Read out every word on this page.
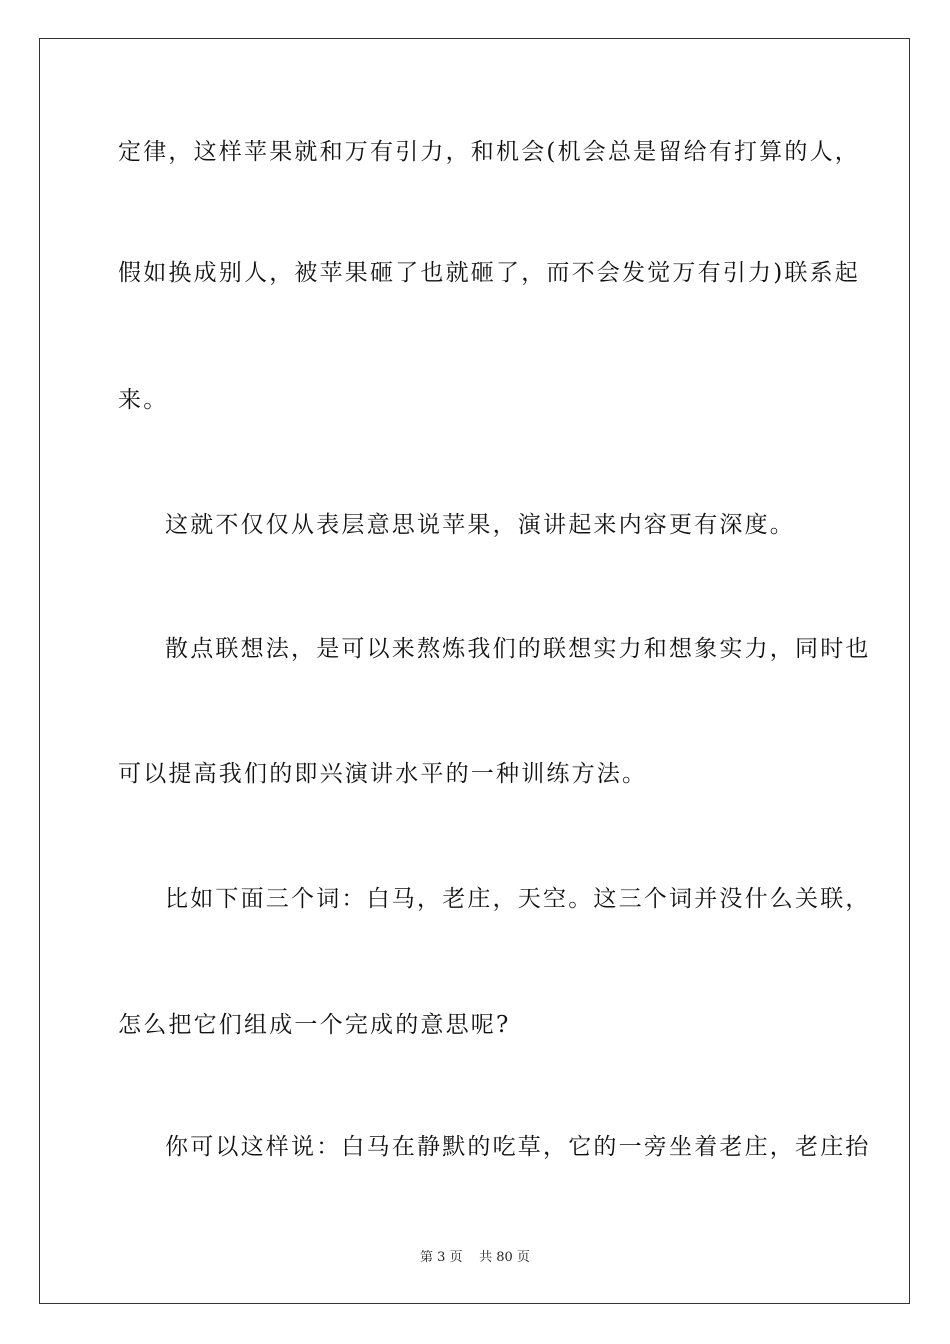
定律，这样苹果就和万有引力，和机会(机会总是留给有打算的人，
假如换成别人，被苹果砸了也就砸了，而不会发觉万有引力)联系起
来。
这就不仅仅从表层意思说苹果，演讲起来内容更有深度。
散点联想法，是可以来熬炼我们的联想实力和想象实力，同时也
可以提高我们的即兴演讲水平的一种训练方法。
比如下面三个词：白马，老庄，天空。这三个词并没什么关联，
怎么把它们组成一个完成的意思呢?
你可以这样说：白马在静默的吃草，它的一旁坐着老庄，老庄抬
第 3 页 共 80 页
